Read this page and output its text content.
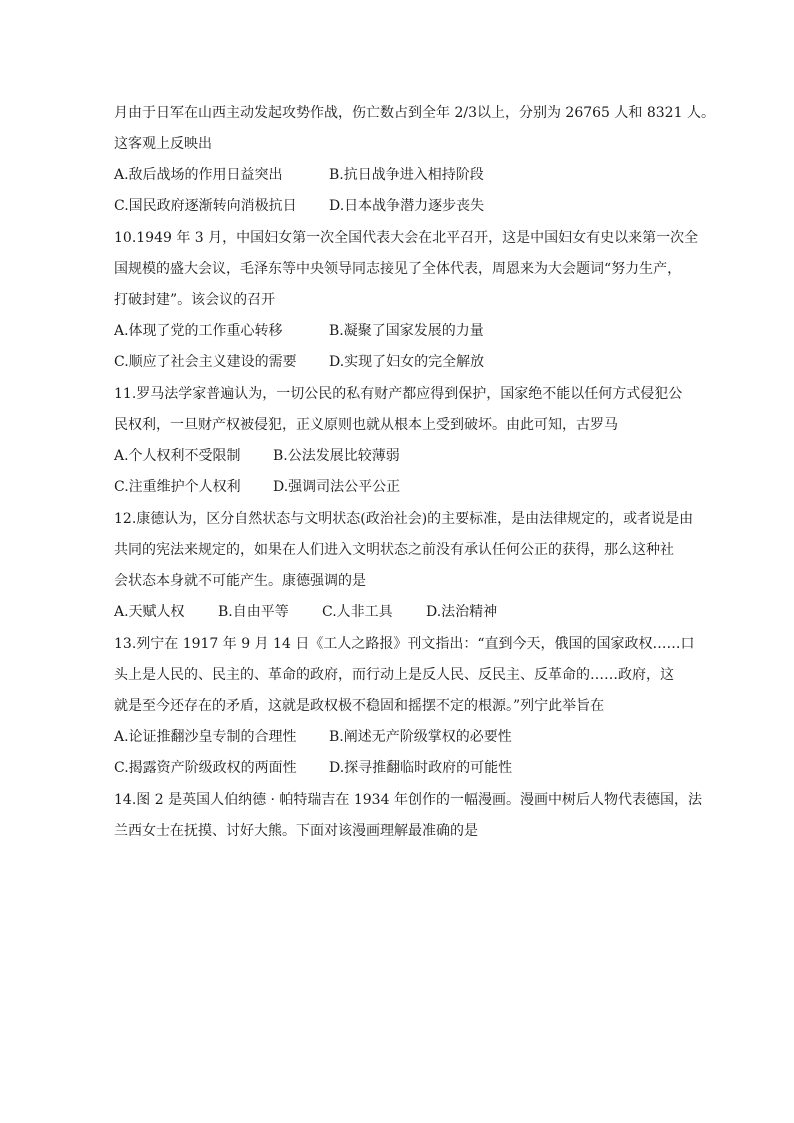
月由于日军在山西主动发起攻势作战，伤亡数占到全年 2/3以上，分别为 26765 人和 8321 人。
这客观上反映出
A.敌后战场的作用日益突出	B.抗日战争进入相持阶段
C.国民政府逐渐转向消极抗日 D.日本战争潜力逐步丧失
10.1949 年 3 月，中国妇女第一次全国代表大会在北平召开，这是中国妇女有史以来第一次全
国规模的盛大会议，毛泽东等中央领导同志接见了全体代表，周恩来为大会题词“努力生产，
打破封建”。该会议的召开
A.体现了党的工作重心转移	B.凝聚了国家发展的力量
C.顺应了社会主义建设的需要 D.实现了妇女的完全解放
11.罗马法学家普遍认为，一切公民的私有财产都应得到保护，国家绝不能以任何方式侵犯公
民权利，一旦财产权被侵犯，正义原则也就从根本上受到破坏。由此可知，古罗马
A.个人权利不受限制 B.公法发展比较薄弱
C.注重维护个人权利 D.强调司法公平公正
12.康德认为，区分自然状态与文明状态(政治社会)的主要标准，是由法律规定的，或者说是由
共同的宪法来规定的，如果在人们进入文明状态之前没有承认任何公正的获得，那么这种社
会状态本身就不可能产生。康德强调的是
A.天赋人权 B.自由平等 C.人非工具 D.法治精神
13.列宁在 1917 年 9 月 14 日《工人之路报》刊文指出：“直到今天，俄国的国家政权……口
头上是人民的、民主的、革命的政府，而行动上是反人民、反民主、反革命的……政府，这
就是至今还存在的矛盾，这就是政权极不稳固和摇摆不定的根源。”列宁此举旨在
A.论证推翻沙皇专制的合理性 B.阐述无产阶级掌权的必要性
C.揭露资产阶级政权的两面性 D.探寻推翻临时政府的可能性
14.图 2 是英国人伯纳德 · 帕特瑞吉在 1934 年创作的一幅漫画。漫画中树后人物代表德国，法
兰西女士在抚摸、讨好大熊。下面对该漫画理解最准确的是
